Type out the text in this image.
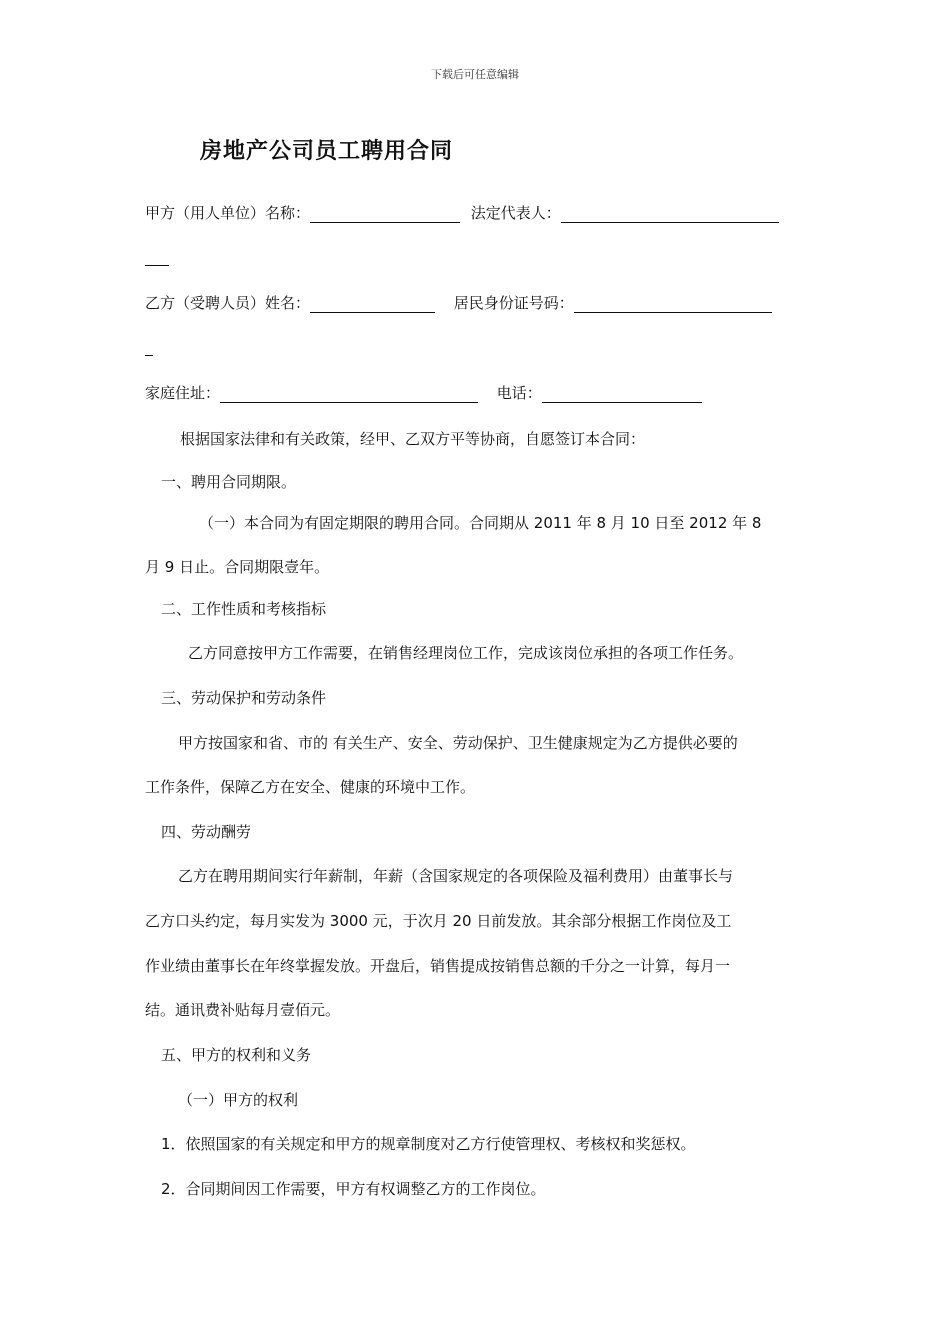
下载后可任意编辑
房地产公司员工聘用合同
甲方（用人单位）名称：	法定代表人：
乙方（受聘人员）姓名：	居民身份证号码：
家庭住址：	电话：
根据国家法律和有关政策，经甲、乙双方平等协商，自愿签订本合同：
一、聘用合同期限。
（一）本合同为有固定期限的聘用合同。合同期从 2011 年 8 月 10 日至 2012 年 8
月 9 日止。合同期限壹年。
二、工作性质和考核指标
乙方同意按甲方工作需要，在销售经理岗位工作，完成该岗位承担的各项工作任务。
三、劳动保护和劳动条件
甲方按国家和省、市的 有关生产、安全、劳动保护、卫生健康规定为乙方提供必要的
工作条件，保障乙方在安全、健康的环境中工作。
四、劳动酬劳
乙方在聘用期间实行年薪制，年薪（含国家规定的各项保险及福利费用）由董事长与
乙方口头约定，每月实发为 3000 元，于次月 20 日前发放。其余部分根据工作岗位及工
作业绩由董事长在年终掌握发放。开盘后，销售提成按销售总额的千分之一计算，每月一
结。通讯费补贴每月壹佰元。
五、甲方的权利和义务
（一）甲方的权利
1．依照国家的有关规定和甲方的规章制度对乙方行使管理权、考核权和奖惩权。
2．合同期间因工作需要，甲方有权调整乙方的工作岗位。
